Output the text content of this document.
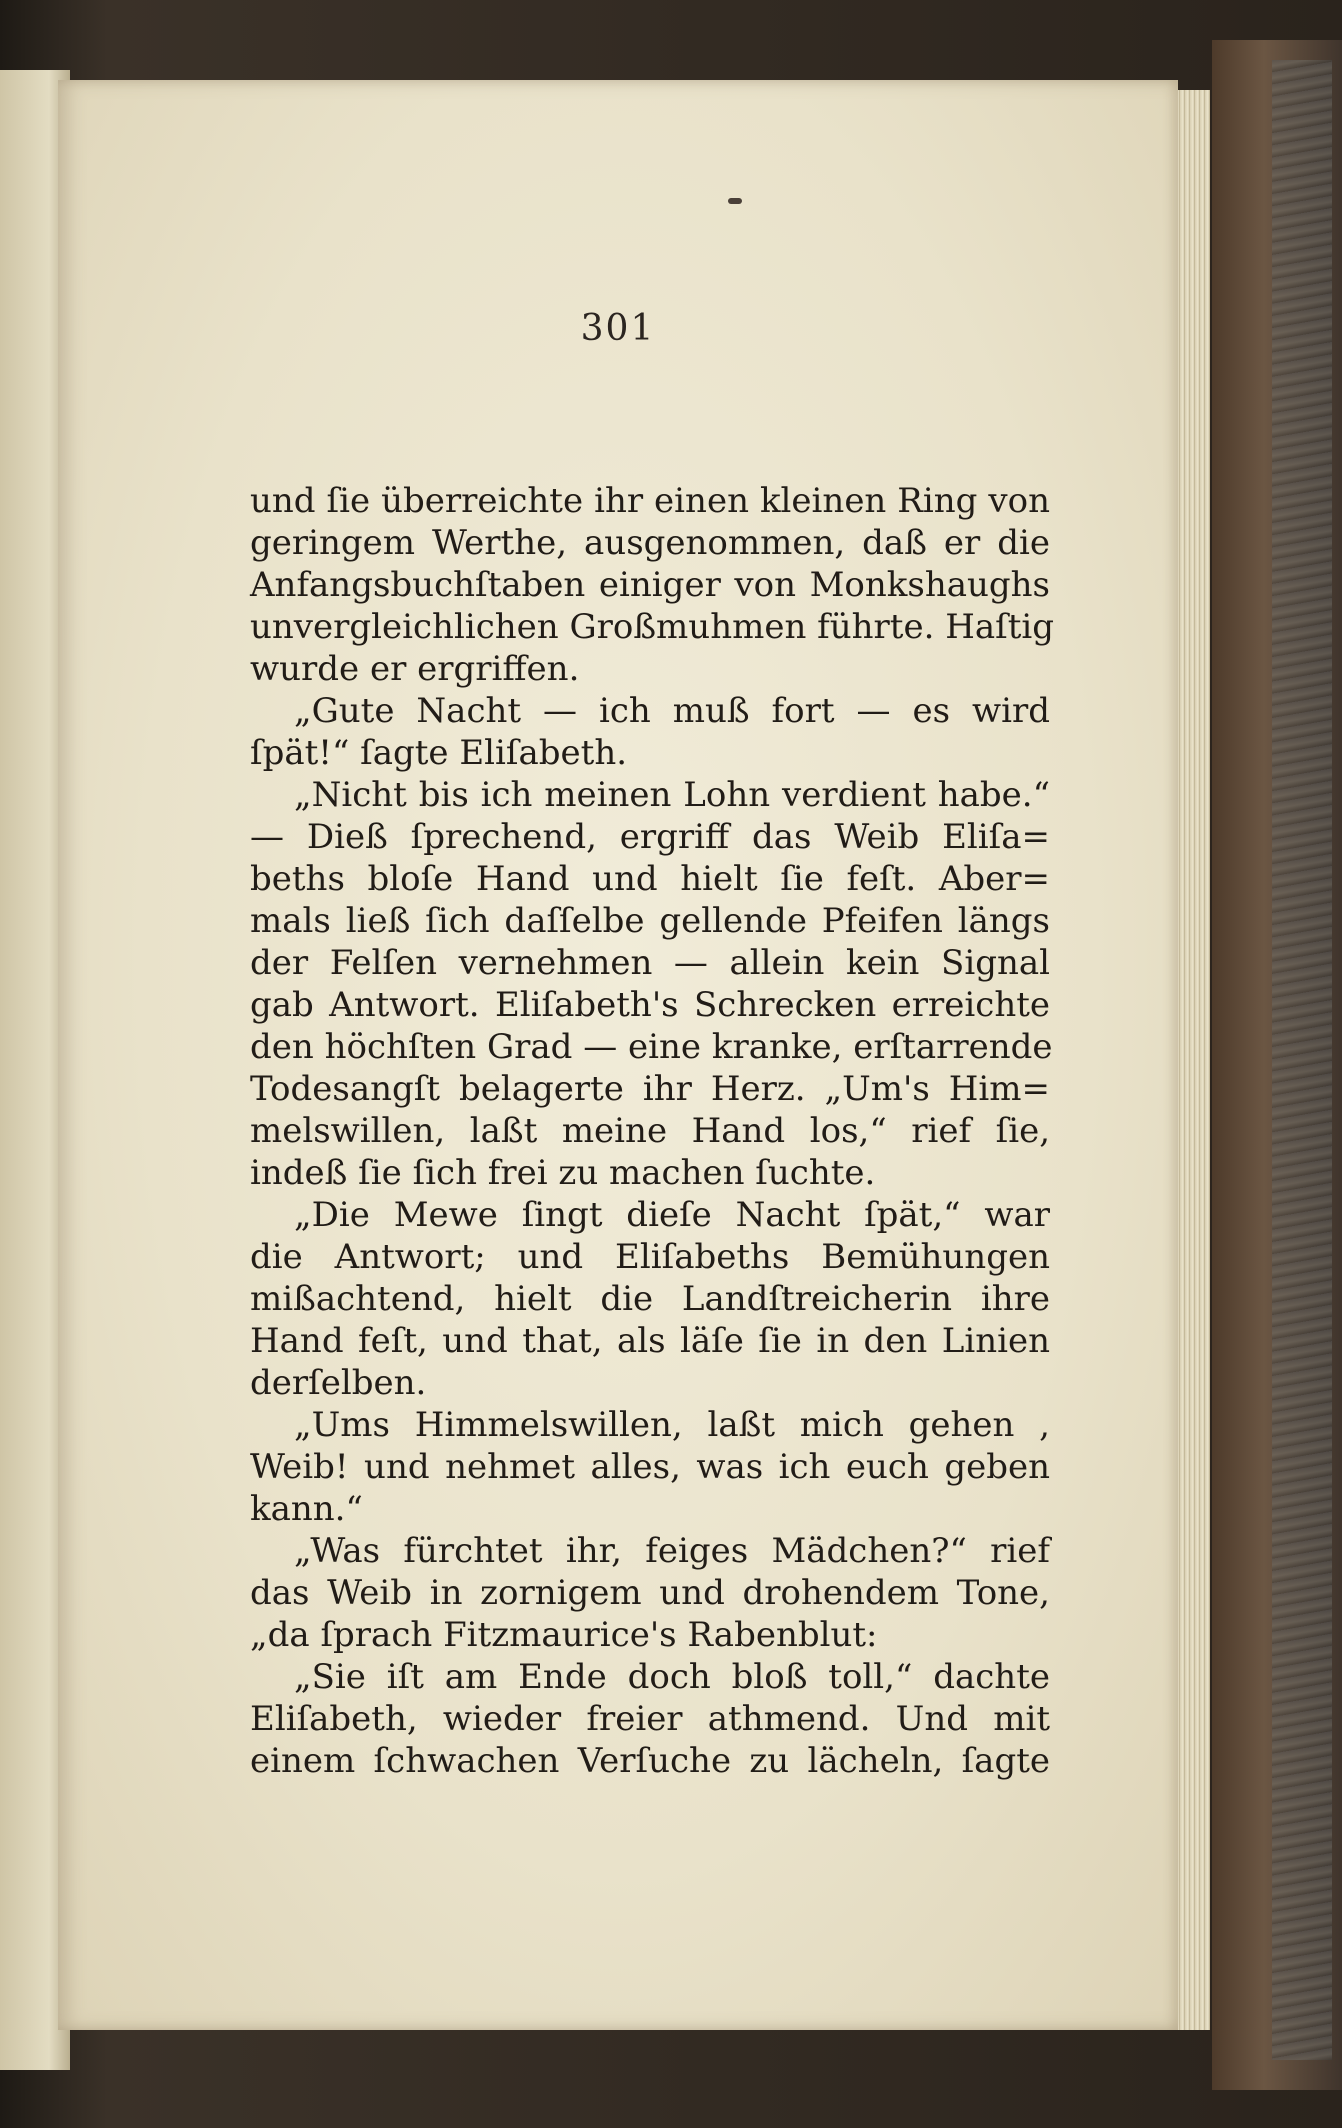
301
und ſie überreichte ihr einen kleinen Ring von
geringem Werthe, ausgenommen, daß er die
Anfangsbuchſtaben einiger von Monkshaughs
unvergleichlichen Großmuhmen führte. Haſtig
wurde er ergriffen.
„Gute Nacht — ich muß fort — es wird
ſpät!“ ſagte Eliſabeth.
„Nicht bis ich meinen Lohn verdient habe.“
— Dieß ſprechend, ergriff das Weib Eliſa=
beths bloſe Hand und hielt ſie feſt. Aber=
mals ließ ſich daſſelbe gellende Pfeifen längs
der Felſen vernehmen — allein kein Signal
gab Antwort. Eliſabeth's Schrecken erreichte
den höchſten Grad — eine kranke, erſtarrende
Todesangſt belagerte ihr Herz. „Um's Him=
melswillen, laßt meine Hand los,“ rief ſie,
indeß ſie ſich frei zu machen ſuchte.
„Die Mewe ſingt dieſe Nacht ſpät,“ war
die Antwort; und Eliſabeths Bemühungen
mißachtend, hielt die Landſtreicherin ihre
Hand feſt, und that, als läſe ſie in den Linien
derſelben.
„Ums Himmelswillen, laßt mich gehen ,
Weib! und nehmet alles, was ich euch geben
kann.“
„Was fürchtet ihr, feiges Mädchen?“ rief
das Weib in zornigem und drohendem Tone,
„da ſprach Fitzmaurice's Rabenblut:
„Sie iſt am Ende doch bloß toll,“ dachte
Eliſabeth, wieder freier athmend. Und mit
einem ſchwachen Verſuche zu lächeln, ſagte
